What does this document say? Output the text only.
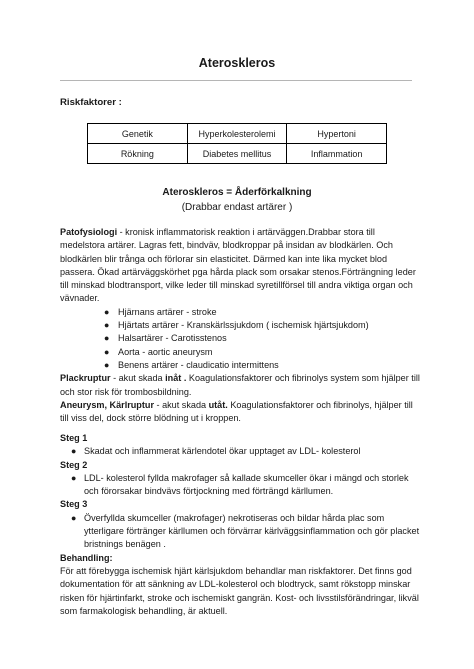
Ateroskleros
Riskfaktorer :
Genetik	Hyperkolesterolemi	Hypertoni
Rökning	Diabetes mellitus	Inflammation
Ateroskleros = Åderförkalkning
(Drabbar endast artärer )

Patofysiologi - kronisk inflammatorisk reaktion i artärväggen.Drabbar stora till medelstora artärer. Lagras fett, bindväv, blodkroppar på insidan av blodkärlen. Och blodkärlen blir trånga och förlorar sin elasticitet. Därmed kan inte lika mycket blod passera. Ökad artärväggskörhet pga hårda plack som orsakar stenos.Förträngning leder till minskad blodtransport, vilke leder till minskad syretillförsel till andra viktiga organ och vävnader.

● Hjärnans artärer - stroke
● Hjärtats artärer - Kranskärlssjukdom ( ischemisk hjärtsjukdom)
● Halsartärer - Carotisstenos
● Aorta - aortic aneurysm
● Benens artärer - claudicatio intermittens

Plackruptur - akut skada inåt . Koagulationsfaktorer och fibrinolys system som hjälper till och stor risk för trombosbildning.

Aneurysm, Kärlruptur - akut skada utåt. Koagulationsfaktorer och fibrinolys, hjälper till till viss del, dock större blödning ut i kroppen.

Steg 1

● Skadat och inflammerat kärlendotel ökar upptaget av LDL- kolesterol

Steg 2

● LDL- kolesterol fyllda makrofager så kallade skumceller ökar i mängd och storlek och förorsakar bindvävs förtjockning med förträngd kärllumen.

Steg 3

● Överfyllda skumceller (makrofager) nekrotiseras och bildar hårda plac som ytterligare förtränger kärllumen och förvärrar kärlväggsinflammation och gör placket bristnings benägen .

Behandling:

För att förebygga ischemisk hjärt kärlsjukdom behandlar man riskfaktorer. Det finns god dokumentation för att sänkning av LDL-kolesterol och blodtryck, samt rökstopp minskar risken för hjärtinfarkt, stroke och ischemiskt gangrän. Kost- och livsstilsförändringar, likväl som farmakologisk behandling, är aktuell.
